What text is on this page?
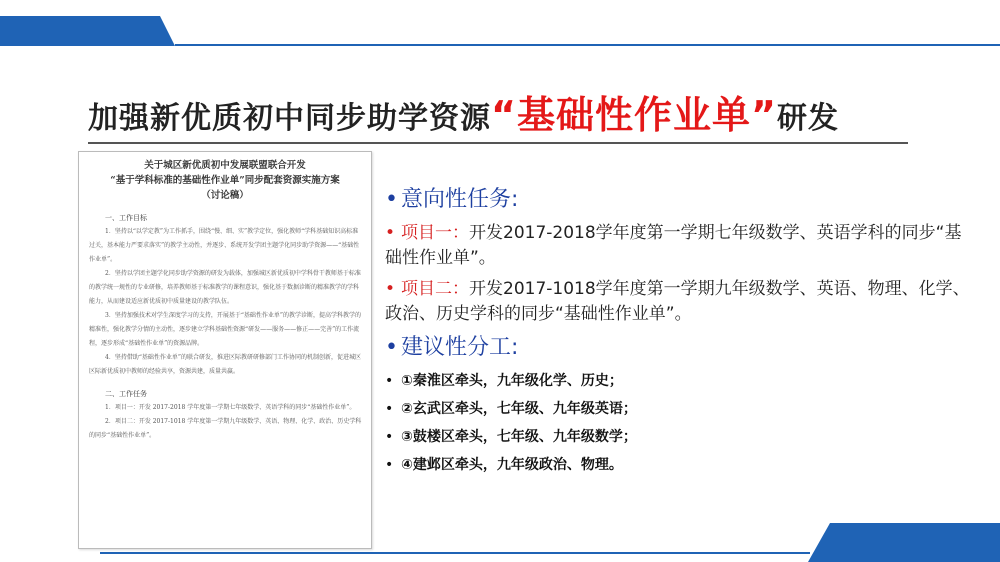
加强新优质初中同步助学资源“基础性作业单”研发
关于城区新优质初中发展联盟联合开发
“基于学科标准的基础性作业单”同步配套资源实施方案
（讨论稿）
一、工作目标

1．坚持以“以学定教”为工作抓手，围绕“慢、细、实”教学定位，强化教师“学科基础知识高标准过关，基本能力严要求落实”的教学主动性，并逐步、系统开发学团主题学化同步助学资源——“基础性作业单”。

2．坚持以学团主题学化同步助学资源的研发为载体，加强城区新优质初中学科骨干教师基于标准的教学统一规性的专业研修，培养教师基于标准教学的课程意识，强化基于数据诊断的精准教学的学科能力，从而建设适应新优质初中质量建设的教学队伍。

3．坚持加强技术对学生深度学习的支持，开展基于“基础性作业单”的教学诊断，提高学科教学的精准性，强化教学分情的主动性，逐步建立学科基础性资源“研发——服务——修正——完善”的工作流程，逐步形成“基础性作业单”的资源品牌。

4．坚持借助“基础性作业单”的联合研发，推进区际教研研修部门工作协同的机制创新，促进城区区际新优质初中教师的经验共享，资源共建，质量共赢。

二、工作任务

1．项目一：开发 2017-2018 学年度第一学期七年级数学、英语学科的同步“基础性作业单”。

2．项目二：开发 2017-1018 学年度第一学期九年级数学、英语、物理、化学、政治、历史学科的同步“基础性作业单”。

• 意向性任务:
• 项目一：开发2017-2018学年度第一学期七年级数学、英语学科的同步“基础性作业单”。
• 项目二：开发2017-1018学年度第一学期九年级数学、英语、物理、化学、政治、历史学科的同步“基础性作业单”。
• 建议性分工:
• ①秦淮区牵头，九年级化学、历史；
• ②玄武区牵头，七年级、九年级英语；
• ③鼓楼区牵头，七年级、九年级数学；
• ④建邺区牵头，九年级政治、物理。
